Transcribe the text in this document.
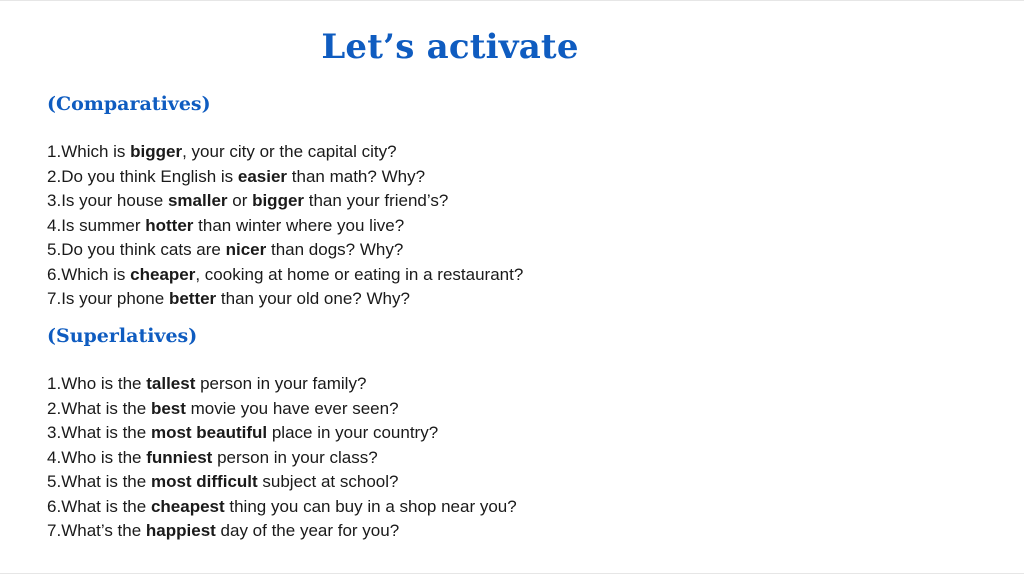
Let’s activate
(Comparatives)
1.Which is bigger, your city or the capital city?
2.Do you think English is easier than math? Why?
3.Is your house smaller or bigger than your friend’s?
4.Is summer hotter than winter where you live?
5.Do you think cats are nicer than dogs? Why?
6.Which is cheaper, cooking at home or eating in a restaurant?
7.Is your phone better than your old one? Why?
(Superlatives)
1.Who is the tallest person in your family?
2.What is the best movie you have ever seen?
3.What is the most beautiful place in your country?
4.Who is the funniest person in your class?
5.What is the most difficult subject at school?
6.What is the cheapest thing you can buy in a shop near you?
7.What’s the happiest day of the year for you?
